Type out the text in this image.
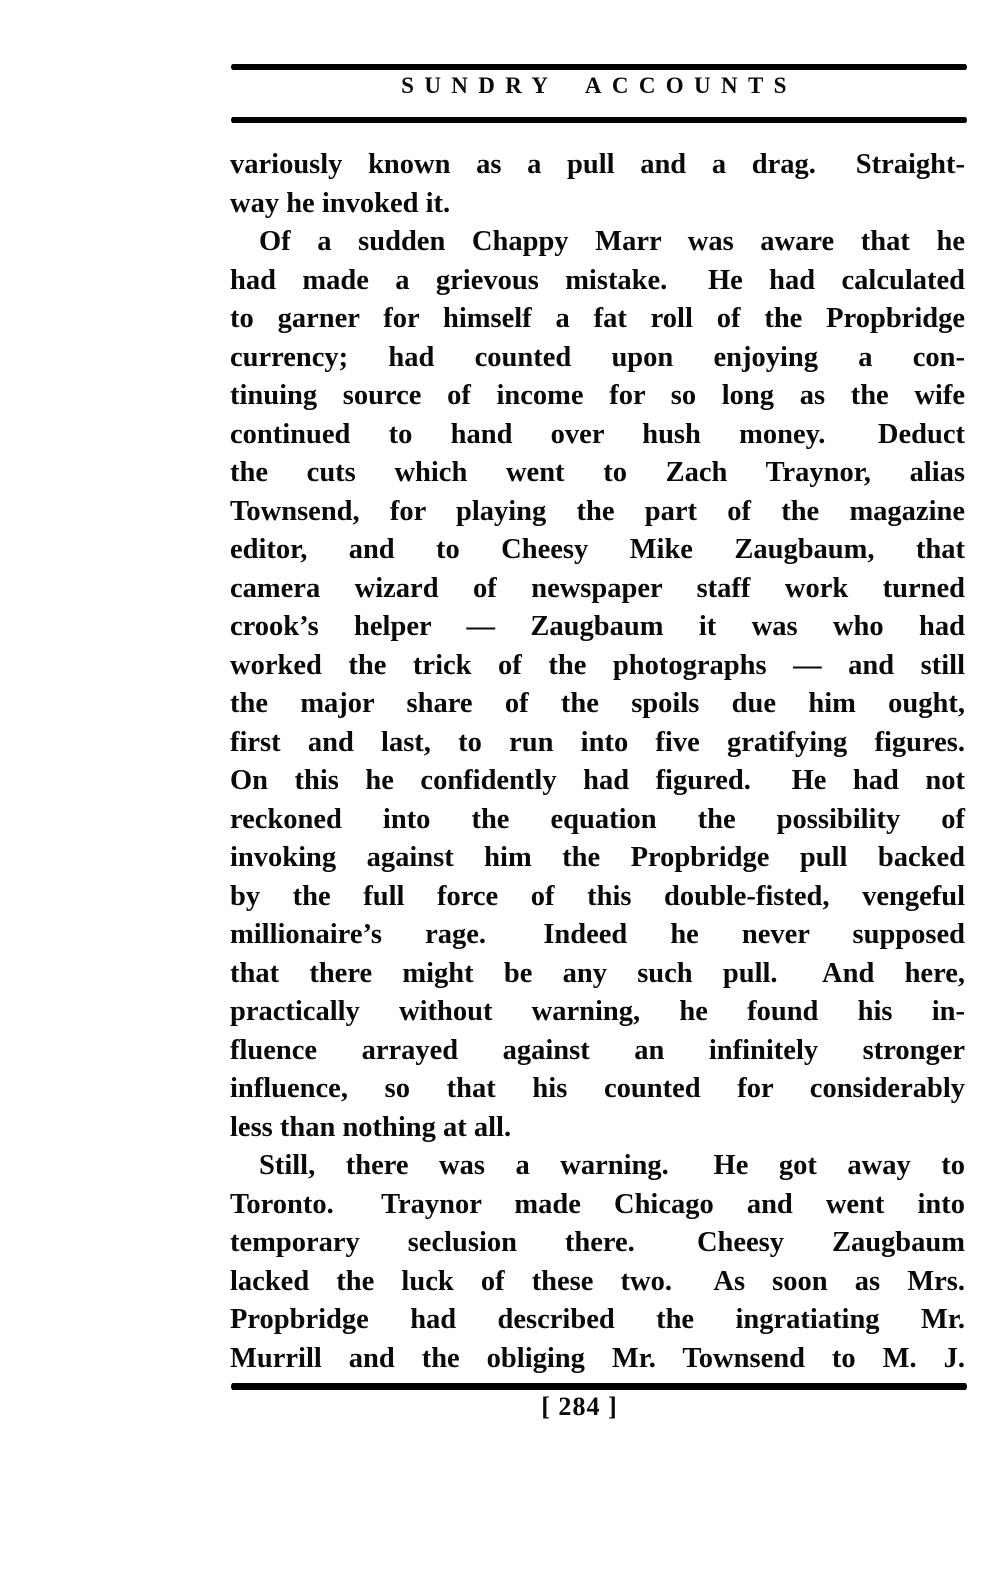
SUNDRY ACCOUNTS
variously known as a pull and a drag.  Straight-
way he invoked it.
Of a sudden Chappy Marr was aware that he
had made a grievous mistake.  He had calculated
to garner for himself a fat roll of the Propbridge
currency; had counted upon enjoying a con-
tinuing source of income for so long as the wife
continued to hand over hush money.  Deduct
the cuts which went to Zach Traynor, alias
Townsend, for playing the part of the magazine
editor, and to Cheesy Mike Zaugbaum, that
camera wizard of newspaper staff work turned
crook’s helper — Zaugbaum it was who had
worked the trick of the photographs — and still
the major share of the spoils due him ought,
first and last, to run into five gratifying figures.
On this he confidently had figured.  He had not
reckoned into the equation the possibility of
invoking against him the Propbridge pull backed
by the full force of this double-fisted, vengeful
millionaire’s rage.  Indeed he never supposed
that there might be any such pull.  And here,
practically without warning, he found his in-
fluence arrayed against an infinitely stronger
influence, so that his counted for considerably
less than nothing at all.
Still, there was a warning.  He got away to
Toronto.  Traynor made Chicago and went into
temporary seclusion there.  Cheesy Zaugbaum
lacked the luck of these two.  As soon as Mrs.
Propbridge had described the ingratiating Mr.
Murrill and the obliging Mr. Townsend to M. J.
[ 284 ]
